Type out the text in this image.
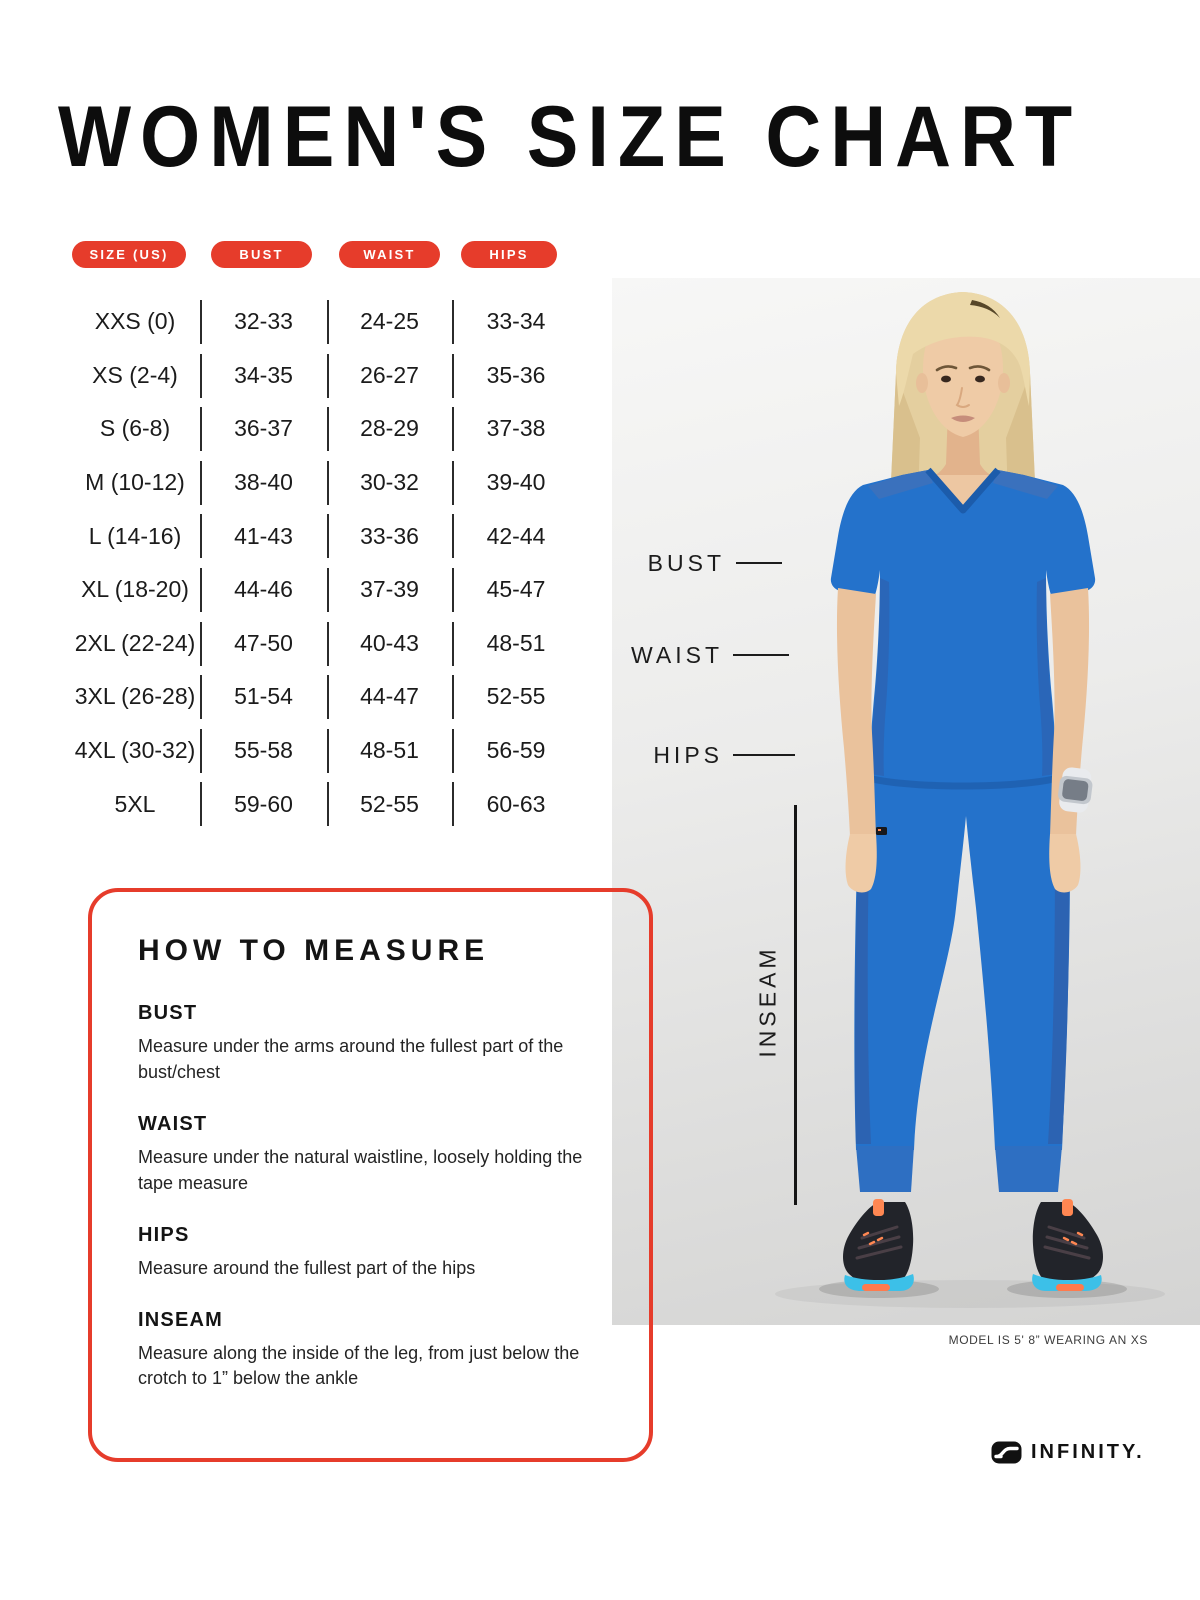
WOMEN'S SIZE CHART
SIZE (US)	BUST	WAIST	HIPS
XXS (0)	32-33	24-25	33-34
XS (2-4)	34-35	26-27	35-36
S (6-8)	36-37	28-29	37-38
M (10-12)	38-40	30-32	39-40
L (14-16)	41-43	33-36	42-44
XL (18-20)	44-46	37-39	45-47
2XL (22-24)	47-50	40-43	48-51
3XL (26-28)	51-54	44-47	52-55
4XL (30-32)	55-58	48-51	56-59
5XL	59-60	52-55	60-63
BUST
WAIST
HIPS
INSEAM
MODEL IS 5' 8” WEARING AN XS
HOW TO MEASURE

BUST

Measure under the arms around the fullest part of the bust/chest

WAIST

Measure under the natural waistline, loosely holding the tape measure

HIPS

Measure around the fullest part of the hips

INSEAM

Measure along the inside of the leg, from just below the crotch to 1” below the ankle

INFINITY.
